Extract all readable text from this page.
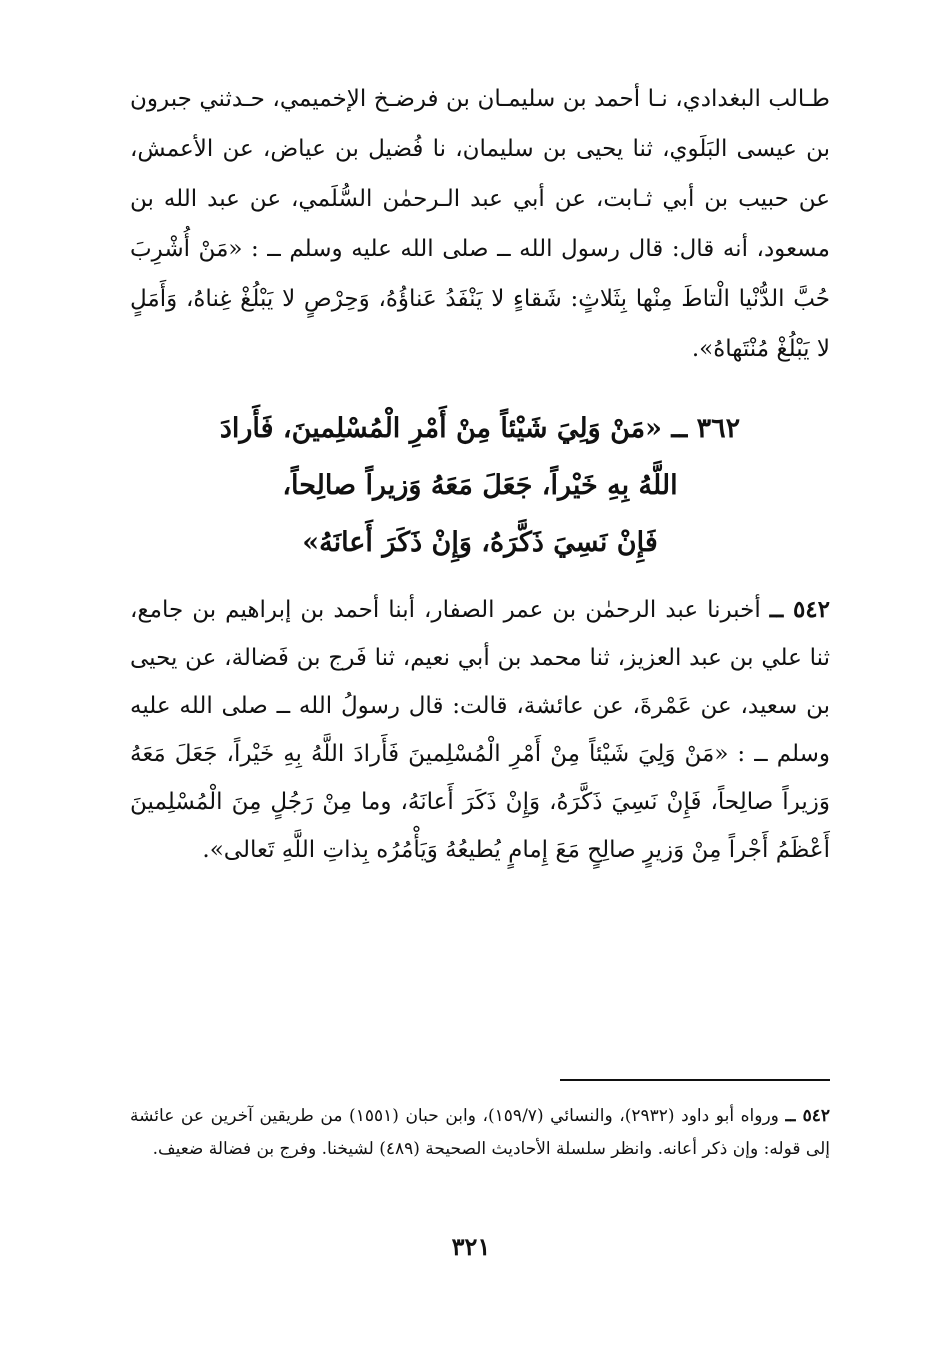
طـالب البغدادي، نـا أحمد بن سليمـان بن فرضـخ الإخميمي، حـدثني جبرون بن عيسى البَلَوي، ثنا يحيى بن سليمان، نا فُضيل بن عياض، عن الأعمش، عن حبيب بن أبي ثـابت، عن أبي عبد الـرحمٰن السُّلَمي، عن عبد الله بن مسعود، أنه قال: قال رسول الله ــ صلى الله عليه وسلم ــ : «مَنْ أُشْرِبَ حُبَّ الدُّنْيا الْتاطَ مِنْها بِثَلاثٍ: شَقاءٍ لا يَنْفَدُ عَناؤُهُ، وَحِرْصٍ لا يَبْلُغْ غِناهُ، وَأَمَلٍ لا يَبْلُغْ مُنْتَهاهُ».

٣٦٢ ــ «مَنْ وَلِيَ شَيْئاً مِنْ أَمْرِ الْمُسْلِمينَ، فَأَرادَ
اللَّهُ بِهِ خَيْراً، جَعَلَ مَعَهُ وَزيراً صالِحاً،
فَإِنْ نَسِيَ ذَكَّرَهُ، وَإِنْ ذَكَرَ أَعانَهُ»

٥٤٢ ــ أخبرنا عبد الرحمٰن بن عمر الصفار، أبنا أحمد بن إبراهيم بن جامع، ثنا علي بن عبد العزيز، ثنا محمد بن أبي نعيم، ثنا فَرج بن فَضالة، عن يحيى بن سعيد، عن عَمْرةَ، عن عائشة، قالت: قال رسولُ الله ــ صلى الله عليه وسلم ــ : «مَنْ وَلِيَ شَيْئاً مِنْ أَمْرِ الْمُسْلِمينَ فَأَرادَ اللَّهُ بِهِ خَيْراً، جَعَلَ مَعَهُ وَزيراً صالِحاً، فَإِنْ نَسِيَ ذَكَّرَهُ، وَإِنْ ذَكَرَ أَعانَهُ، وما مِنْ رَجُلٍ مِنَ الْمُسْلِمينَ أَعْظَمُ أَجْراً مِنْ وَزيرٍ صالِحٍ مَعَ إِمامٍ يُطيعُهُ وَيَأْمُرُه بِذاتِ اللَّهِ تَعالى».

٥٤٢ ــ ورواه أبو داود (٢٩٣٢)، والنسائي (١٥٩/٧)، وابن حبان (١٥٥١) من طريقين آخرين عن عائشة إلى قوله: وإن ذكر أعانه. وانظر سلسلة الأحاديث الصحيحة (٤٨٩) لشيخنا. وفرج بن فضالة ضعيف.

٣٢١
